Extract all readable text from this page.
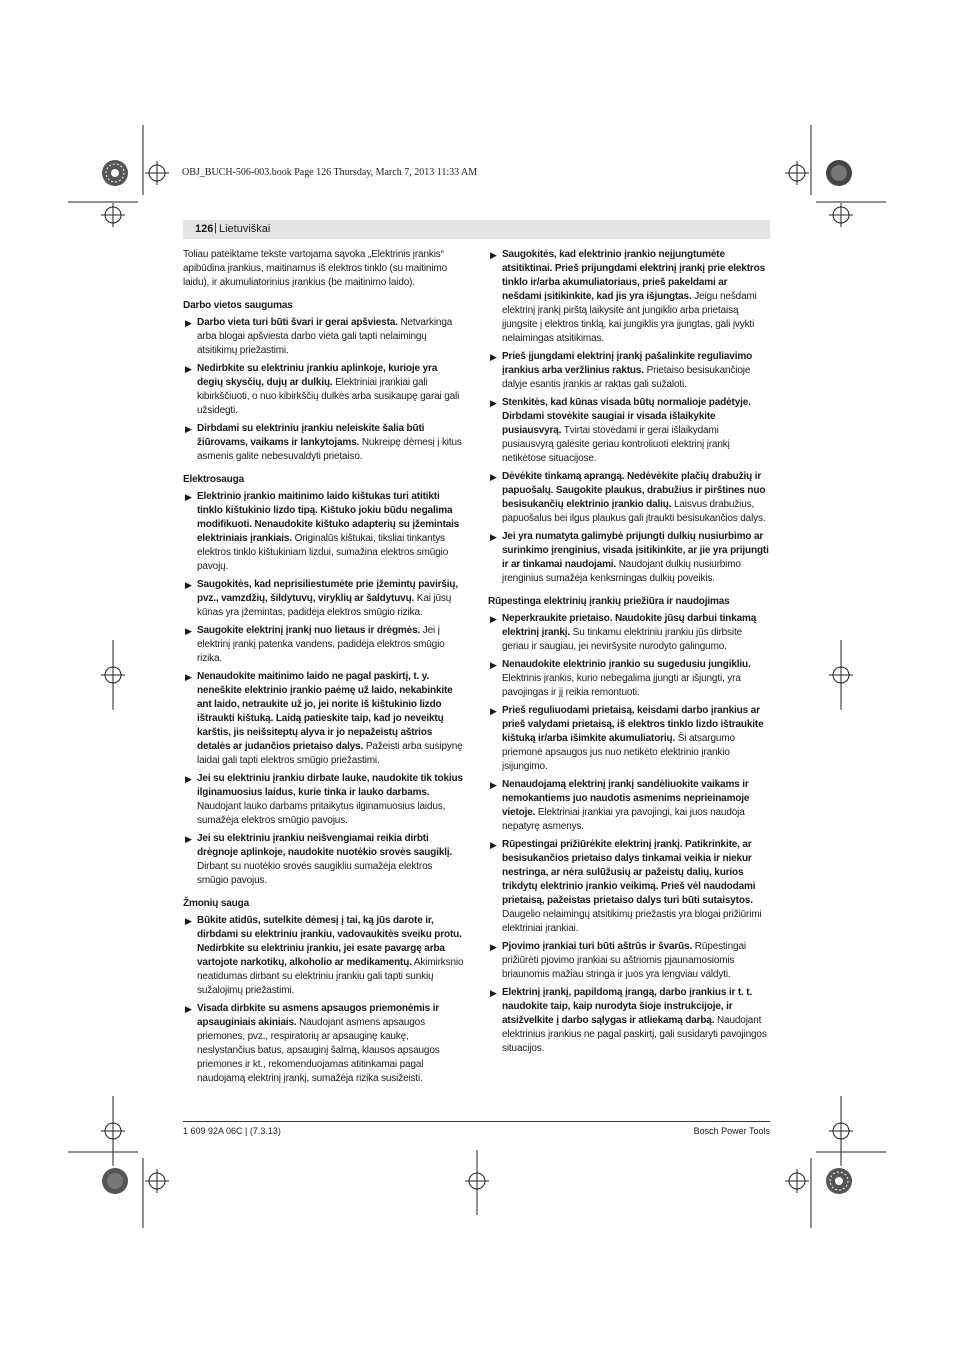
OBJ_BUCH-506-003.book Page 126 Thursday, March 7, 2013 11:33 AM
126 | Lietuviškai

Toliau pateiktame tekste vartojama sąvoka „Elektrinis įrankis“ apibūdina įrankius, maitinamus iš elektros tinklo (su maitinimo laidu), ir akumuliatorinius įrankius (be maitinimo laido).

Darbo vietos saugumas
▶ Darbo vieta turi būti švari ir gerai apšviesta. Netvarkinga arba blogai apšviesta darbo vieta gali tapti nelaimingų atsitikimų priežastimi.
▶ Nedirbkite su elektriniu įrankiu aplinkoje, kurioje yra degių skysčių, dujų ar dulkių. Elektriniai įrankiai gali kibirkščiuoti, o nuo kibirkščių dulkės arba susikaupę garai gali užsidegti.
▶ Dirbdami su elektriniu įrankiu neleiskite šalia būti žiūrovams, vaikams ir lankytojams. Nukreipę dėmesį į kitus asmenis galite nebesuvaldyti prietaiso.
Elektrosauga
▶ Elektrinio įrankio maitinimo laido kištukas turi atitikti tinklo kištukinio lizdo tipą. Kištuko jokiu būdu negalima modifikuoti. Nenaudokite kištuko adapterių su įžemintais elektriniais įrankiais. Originalūs kištukai, tiksliai tinkantys elektros tinklo kištukiniam lizdui, sumažina elektros smūgio pavojų.
▶ Saugokitės, kad neprisiliestumėte prie įžemintų paviršių, pvz., vamzdžių, šildytuvų, viryklių ar šaldytuvų. Kai jūsų kūnas yra įžemintas, padidėja elektros smūgio rizika.
▶ Saugokite elektrinį įrankį nuo lietaus ir drėgmės. Jei į elektrinį įrankį patenka vandens, padidėja elektros smūgio rizika.
▶ Nenaudokite maitinimo laido ne pagal paskirtį, t. y. neneškite elektrinio įrankio paėmę už laido, nekabinkite ant laido, netraukite už jo, jei norite iš kištukinio lizdo ištraukti kištuką. Laidą patieskite taip, kad jo neveiktų karštis, jis neišsiteptų alyva ir jo nepažeistų aštrios detalės ar judančios prietaiso dalys. Pažeisti arba susipynę laidai gali tapti elektros smūgio priežastimi.
▶ Jei su elektriniu įrankiu dirbate lauke, naudokite tik tokius ilginamuosius laidus, kurie tinka ir lauko darbams. Naudojant lauko darbams pritaikytus ilginamuosius laidus, sumažėja elektros smūgio pavojus.
▶ Jei su elektriniu įrankiu neišvengiamai reikia dirbti drėgnoje aplinkoje, naudokite nuotėkio srovės saugiklį. Dirbant su nuotėkio srovės saugikliu sumažėja elektros smūgio pavojus.
Žmonių sauga
▶ Būkite atidūs, sutelkite dėmesį į tai, ką jūs darote ir, dirbdami su elektriniu įrankiu, vadovaukitės sveiku protu. Nedirbkite su elektriniu įrankiu, jei esate pavargę arba vartojote narkotikų, alkoholio ar medikamentų. Akimirksnio neatidumas dirbant su elektriniu įrankiu gali tapti sunkių sužalojimų priežastimi.
▶ Visada dirbkite su asmens apsaugos priemonėmis ir apsauginiais akiniais. Naudojant asmens apsaugos priemones, pvz., respiratorių ar apsauginę kaukę, neslystančius batus, apsauginį šalmą, klausos apsaugos priemones ir kt., rekomenduojamas atitinkamai pagal naudojamą elektrinį įrankį, sumažėja rizika susižeisti.
▶ Saugokitės, kad elektrinio įrankio neįjungtumėte atsitiktinai. Prieš prijungdami elektrinį įrankį prie elektros tinklo ir/arba akumuliatoriaus, prieš pakeldami ar nešdami įsitikinkite, kad jis yra išjungtas. Jeigu nešdami elektrinį įrankį pirštą laikysite ant jungiklio arba prietaisą įjungsite į elektros tinklą, kai jungiklis yra įjungtas, gali įvykti nelaimingas atsitikimas.
▶ Prieš įjungdami elektrinį įrankį pašalinkite reguliavimo įrankius arba veržlinius raktus. Prietaiso besisukančioje dalyje esantis įrankis ar raktas gali sužaloti.
▶ Stenkitės, kad kūnas visada būtų normalioje padėtyje. Dirbdami stovėkite saugiai ir visada išlaikykite pusiausvyrą. Tvirtai stovėdami ir gerai išlaikydami pusiausvyrą galėsite geriau kontroliuoti elektrinį įrankį netikėtose situacijose.
▶ Dėvėkite tinkamą aprangą. Nedėvėkite plačių drabužių ir papuošalų. Saugokite plaukus, drabužius ir pirštines nuo besisukančių elektrinio įrankio dalių. Laisvus drabužius, papuošalus bei ilgus plaukus gali įtraukti besisukančios dalys.
▶ Jei yra numatyta galimybė prijungti dulkių nusiurbimo ar surinkimo įrenginius, visada įsitikinkite, ar jie yra prijungti ir ar tinkamai naudojami. Naudojant dulkių nusiurbimo įrenginius sumažėja kenksmingas dulkių poveikis.
Rūpestinga elektrinių įrankių priežiūra ir naudojimas
▶ Neperkraukite prietaiso. Naudokite jūsų darbui tinkamą elektrinį įrankį. Su tinkamu elektriniu įrankiu jūs dirbsite geriau ir saugiau, jei neviršysite nurodyto galingumo.
▶ Nenaudokite elektrinio įrankio su sugedusiu jungikliu. Elektrinis įrankis, kurio nebegalima įjungti ar išjungti, yra pavojingas ir jį reikia remontuoti.
▶ Prieš reguliuodami prietaisą, keisdami darbo įrankius ar prieš valydami prietaisą, iš elektros tinklo lizdo ištraukite kištuką ir/arba išimkite akumuliatorių. Ši atsargumo priemonė apsaugos jus nuo netikėto elektrinio įrankio įsijungimo.
▶ Nenaudojamą elektrinį įrankį sandėliuokite vaikams ir nemokantiems juo naudotis asmenims neprieinamoje vietoje. Elektriniai įrankiai yra pavojingi, kai juos naudoja nepatyrę asmenys.
▶ Rūpestingai prižiūrėkite elektrinį įrankį. Patikrinkite, ar besisukančios prietaiso dalys tinkamai veikia ir niekur nestringa, ar nėra sulūžusių ar pažeistų dalių, kurios trikdytų elektrinio įrankio veikimą. Prieš vėl naudodami prietaisą, pažeistas prietaiso dalys turi būti sutaisytos. Daugelio nelaimingų atsitikimų priežastis yra blogai prižiūrimi elektriniai įrankiai.
▶ Pjovimo įrankiai turi būti aštrūs ir švarūs. Rūpestingai prižiūrėti pjovimo įrankiai su aštriomis pjaunamosiomis briaunomis mažiau stringa ir juos yra lengviau valdyti.
▶ Elektrinį įrankį, papildomą įrangą, darbo įrankius ir t. t. naudokite taip, kaip nurodyta šioje instrukcijoje, ir atsižvelkite į darbo sąlygas ir atliekamą darbą. Naudojant elektrinius įrankius ne pagal paskirtį, gali susidaryti pavojingos situacijos.
1 609 92A 06C | (7.3.13)	Bosch Power Tools
